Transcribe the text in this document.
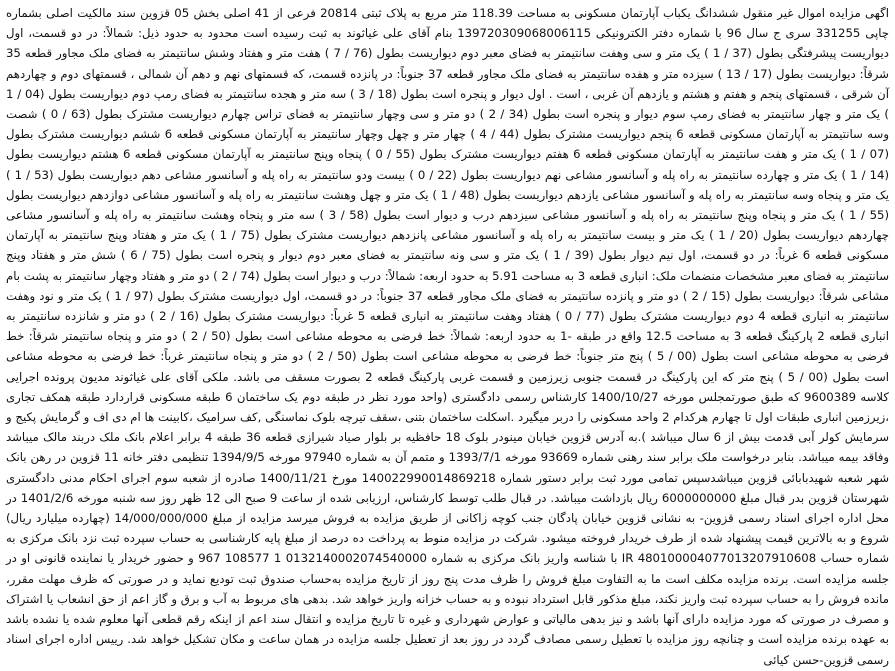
اگهی مزایده اموال غیر منقول ششدانگ یکباب آپارتمان مسکونی به مساحت 118.39 متر مربع به پلاک ثبتی 20814 فرعی از 41 اصلی بخش 05 قزوین سند مالکیت اصلی بشماره چاپی 331255 سری ج سال 96 با شماره دفتر الکترونیکی 139720309068006115 بنام آقای علی غیاثوند به ثبت رسیده است محدود به حدود ذیل: شمالاً: در دو قسمت، اول دیواریست پیشرفتگی بطول (37 / 1 ) یک متر و سی وهفت سانتیمتر به فضای معبر دوم دیواریست بطول (76 / 7 ) هفت متر و هفتاد وشش سانتیمتر به فضای ملک مجاور قطعه 35 شرقاً: دیواریست بطول (17 / 13 ) سیزده متر و هفده سانتیمتر به فضای ملک مجاور قطعه 37 جنوباً: در پانزده قسمت، که قسمتهای نهم و دهم آن شمالی ، قسمتهای دوم و چهاردهم آن شرقی ، قسمتهای پنجم و هفتم و هشتم و یازدهم آن غربی ، است . اول دیوار و پنجره است بطول (18 / 3 ) سه متر و هجده سانتیمتر به فضای رمپ دوم دیواریست بطول (04 / 1 ) یک متر و چهار سانتیمتر به فضای رمپ سوم دیوار و پنجره است بطول (34 / 2 ) دو متر و سی وچهار سانتیمتر به فضای تراس چهارم دیواریست مشترک بطول (63 / 0 ) شصت وسه سانتیمتر به آپارتمان مسکونی قطعه 6 پنجم دیواریست مشترک بطول (44 / 4 ) چهار متر و چهل وچهار سانتیمتر به آپارتمان مسکونی قطعه 6 ششم دیواریست مشترک بطول (07 / 1 ) یک متر و هفت سانتیمتر به آپارتمان مسکونی قطعه 6 هفتم دیواریست مشترک بطول (55 / 0 ) پنجاه وپنج سانتیمتر به آپارتمان مسکونی قطعه 6 هشتم دیواریست بطول (14 / 1 ) یک متر و چهارده سانتیمتر به راه پله و آسانسور مشاعی نهم دیواریست بطول (22 / 0 ) بیست ودو سانتیمتر به راه پله و آسانسور مشاعی دهم دیواریست بطول (53 / 1 ) یک متر و پنجاه وسه سانتیمتر به راه پله و آسانسور مشاعی یازدهم دیواریست بطول (48 / 1 ) یک متر و چهل وهشت سانتیمتر به راه پله و آسانسور مشاعی دوازدهم دیواریست بطول (55 / 1 ) یک متر و پنجاه وپنج سانتیمتر به راه پله و آسانسور مشاعی سیزدهم درب و دیوار است بطول (58 / 3 ) سه متر و پنجاه وهشت سانتیمتر به راه پله و آسانسور مشاعی چهاردهم دیواریست بطول (20 / 1 ) یک متر و بیست سانتیمتر به راه پله و آسانسور مشاعی پانزدهم دیواریست مشترک بطول (75 / 1 ) یک متر و هفتاد وپنج سانتیمتر به آپارتمان مسکونی قطعه 6 غرباً: در دو قسمت، اول نیم دیوار بطول (39 / 1 ) یک متر و سی ونه سانتیمتر به فضای معبر دوم دیوار و پنجره است بطول (75 / 6 ) شش متر و هفتاد وپنج سانتیمتر به فضای معبر مشخصات منضمات ملک: انباری قطعه 3 به مساحت 5.91 به حدود اربعه: شمالاً: درب و دیوار است بطول (74 / 2 ) دو متر و هفتاد وچهار سانتیمتر به پشت بام مشاعی شرقاً: دیواریست بطول (15 / 2 ) دو متر و پانزده سانتیمتر به فضای ملک مجاور قطعه 37 جنوباً: در دو قسمت، اول دیواریست مشترک بطول (97 / 1 ) یک متر و نود وهفت سانتیمتر به انباری قطعه 4 دوم دیواریست مشترک بطول (77 / 0 ) هفتاد وهفت سانتیمتر به انباری قطعه 5 غرباً: دیواریست مشترک بطول (16 / 2 ) دو متر و شانزده سانتیمتر به انباری قطعه 2 پارکینگ قطعه 3 به مساحت 12.5 واقع در طبقه -1 به حدود اربعه: شمالاً: خط فرضی به محوطه مشاعی است بطول (50 / 2 ) دو متر و پنجاه سانتیمتر شرقاً: خط فرضی به محوطه مشاعی است بطول (00 / 5 ) پنج متر جنوباً: خط فرضی به محوطه مشاعی است بطول (50 / 2 ) دو متر و پنجاه سانتیمتر غرباً: خط فرضی به محوطه مشاعی است بطول (00 / 5 ) پنج متر که این پارکینگ در قسمت جنوبی زیرزمین و قسمت غربی پارکینگ قطعه 2 بصورت مسقف می باشد. ملکی آقای علی غیاثوند مدیون پرونده اجرایی کلاسه 9600389 که طبق صورتمجلس مورخه 1400/10/27 کارشناس رسمی دادگستری (واحد مورد نظر در طبقه دوم یک ساختمان 6 طبقه مسکونی قراردارد طبقه همکف تجاری ،زیرزمین انباری طبقات اول تا چهارم هرکدام 2 واحد مسکونی را دربر میگیرد .اسکلت ساختمان بتنی ،سقف تیرچه بلوک نماسنگی ,کف سرامیک ،کابینت ها ام دی اف و گرمایش پکیج و سرمایش کولر آبی قدمت بیش از 6 سال میباشد ).به آدرس قزوین خیابان مینودر بلوک 18 حافظیه بر بلوار صیاد شیرازی قطعه 36 طبقه 4 برابر اعلام بانک ملک دربند مالک میباشد وفاقد بیمه میباشد. بنابر درخواست ملک برابر سند رهنی شماره 93669 مورخه 1393/7/1 و متمم آن به شماره 97940 مورخه 1394/9/5 تنظیمی دفتر خانه 11 قزوین در رهن بانک شهر شعبه شهیدبابائی قزوین میباشدسپس تمامی مورد ثبت برابر دستور شماره 140022990014869218 مورخ 1400/11/21 صادره از شعبه سوم اجرای احکام مدنی دادگستری شهرستان قزوین بدر قبال مبلغ 6000000000 ریال بازداشت میباشد. در قبال طلب توسط کارشناس، ارزیابی شده از ساعت 9 صبح الی 12 ظهر روز سه شنبه مورخه 1401/2/6 در محل اداره اجرای اسناد رسمی قزوین- به نشانی قزوین خیابان پادگان جنب کوچه زاکانی از طریق مزایده به فروش میرسد مزایده از مبلغ 14/000/000/000 (چهارده میلیارد ریال) شروع و به بالاترین قیمت پیشنهاد شده از طرف خریدار فروخته میشود. شرکت در مزایده منوط به پرداخت ده درصد از مبلغ پایه کارشناسی به حساب سپرده ثبت نزد بانک مرکزی به شماره حساب IR 480100004077013207910608 با شناسه واریز بانک مرکزی به شماره 0132140002074540000 1 108577 967 و حضور خریدار یا نماینده قانونی او در جلسه مزایده است. برنده مزایده مکلف است ما به التفاوت مبلغ فروش را ظرف مدت پنج روز از تاریخ مزایده به‌حساب صندوق ثبت تودیع نماید و در صورتی که ظرف مهلت مقرر، مانده فروش را به حساب سپرده ثبت واریز نکند، مبلغ مذکور قابل استرداد نبوده و به حساب خزانه واریز خواهد شد. بدهی های مربوط به آب و برق و گاز اعم از حق انشعاب یا اشتراک و مصرف در صورتی که مورد مزایده دارای آنها باشد و نیز بدهی مالیاتی و عوارض شهرداری و غیره تا تاریخ مزایده و انتقال سند اعم از اینکه رقم قطعی آنها معلوم شده یا نشده باشد به عهده برنده مزایده است و چنانچه روز مزایده با تعطیل رسمی مصادف گردد در روز بعد از تعطیل جلسه مزایده در همان ساعت و مکان تشکیل خواهد شد. رییس اداره اجرای اسناد رسمی قزوین-حسن کیائی
